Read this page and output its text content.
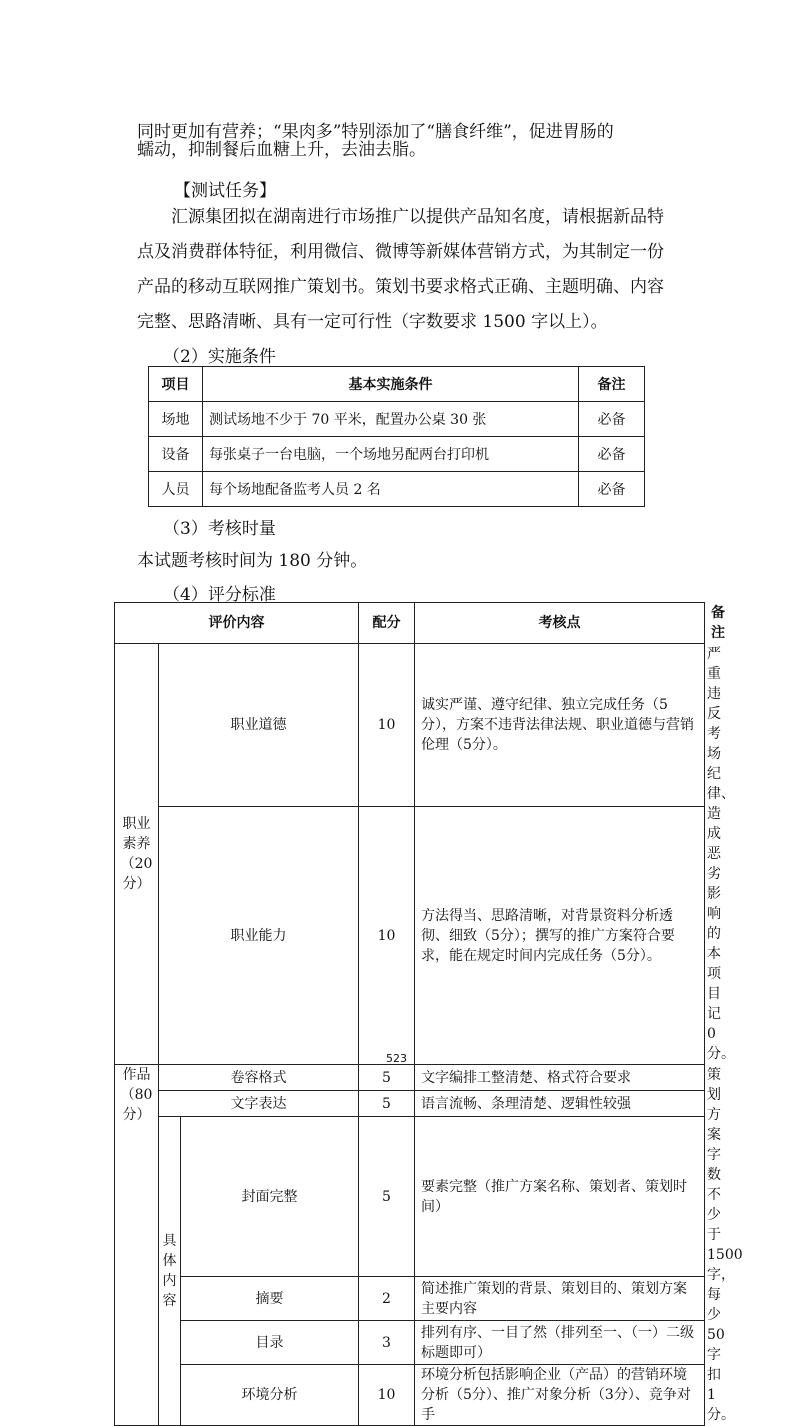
同时更加有营养；“果肉多”特别添加了“膳食纤维”，促进胃肠的

蠕动，抑制餐后血糖上升，去油去脂。

【测试任务】

汇源集团拟在湖南进行市场推广以提供产品知名度，请根据新品特点及消费群体特征，利用微信、微博等新媒体营销方式，为其制定一份产品的移动互联网推广策划书。策划书要求格式正确、主题明确、内容完整、思路清晰、具有一定可行性（字数要求 1500 字以上）。

（2）实施条件
项目	基本实施条件	备注
场地	测试场地不少于 70 平米，配置办公桌 30 张	必备
设备	每张桌子一台电脑，一个场地另配两台打印机	必备
人员	每个场地配备监考人员 2 名	必备
（3）考核时量
本试题考核时间为 180 分钟。
（4）评分标准
评价内容			配分	考核点	备注
职业素养（20分）	职业道德		10	诚实严谨、遵守纪律、独立完成任务（5分），方案不违背法律法规、职业道德与营销伦理（5分）。	严重违反考场纪律、造成恶劣影响的本项目记0分。
	职业能力		10	方法得当、思路清晰，对背景资料分析透彻、细致（5分）；撰写的推广方案符合要求，能在规定时间内完成任务（5分）。	
作品（80分）	卷容格式		5	文字编排工整清楚、格式符合要求	策划方案字数不少于1500字，每少 50字扣 1分。
	文字表达		5	语言流畅、条理清楚、逻辑性较强	
	具体内容	封面完整	5	要素完整（推广方案名称、策划者、策划时间）	
		摘要	2	简述推广策划的背景、策划目的、策划方案主要内容	
		目录	3	排列有序、一目了然（排列至一、（一）二级标题即可）	
		环境分析	10	环境分析包括影响企业（产品）的营销环境分析（5分）、推广对象分析（3分）、竞争对手	
523
